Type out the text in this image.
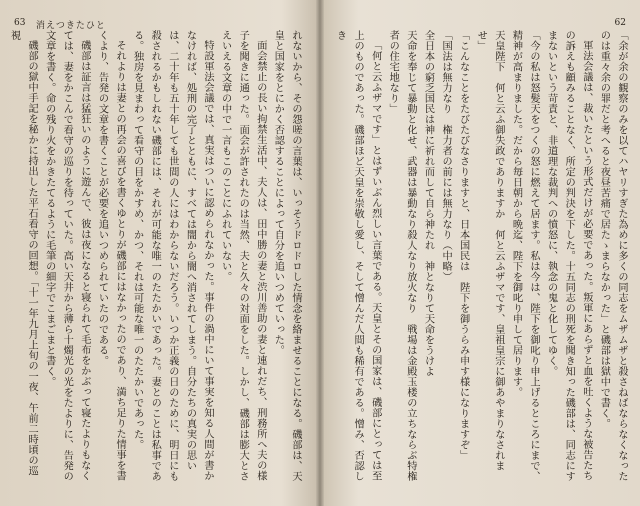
63 消えつきたひと

れないから、その怨嗟の言葉は、いっそうドロドロした情念を絡ませることになる。磯部は、天皇と国家をとにかく否認することによって自分を追いつめていった。

面会禁止の長い拘禁生活中、夫人は、田中勝の妻と渋川善助の妻と連れだち、刑務所へ夫の様子を聞きに通った。面会が許されたのは当然、夫と久々の対面をした。しかし、磯部は膨大とさえいえる文章の中で一言もこのことにふれていない。

特設軍法会議では、真実はついに認められなかった。事件の渦中にいて事実を知る人間が書かなければ、処刑の完了とともに、すべては闇から闇へ消されてしまう。自分たちの真実の思いは、二十年も五十年しても世間の人にはわからないだろう。いつか正義の日のために、明日にも殺されるかもしれない磯部には、それが可能な唯一のたたかいであった。妻とのことは私事である。独房を見まわって看守の目をかすめ、かつ、それは可能な唯一のたたかいであった。

それよりは妻との再会の喜びを書くゆとりが磯部にはなかったのであり、満ち足りた情事を書くより、告発の文章を書くことが必要を追いつめられていたのである。

磯部は証言は猛狂いのように遊んで、彼は夜になると寝られて毛布をかぶって寝たよりもなくては、妻をかこんで看守の巡りを待っていた。高い天井から薄ら十燭光の光をたよりに、告発の文章を書く。命の残り火をかきたてるように毛筆の細字でこまごまと書く。

磯部の獄中手記を秘かに持出した平石看守の回想。「十一年九月上旬の一夜、午前二時頃の巡視

62

「余が余の観察のみを以てハヤリすぎた為めに多くの同志をムザムザと殺さねばならなくなったのは重々余の罪だと考へると夜昼苦痛で居たゝまらなかった」と磯部は獄中で書く。

軍法会議は、裁いたという形式だけが必要であった。叛軍にあらずと血を吐くような被告たちの訴えも顧みることなく、所定の判決を下した。十五同志の刑死を聞き知った磯部は、同志にすまないという苛責と、非道理な裁判への憤怒に、執念の鬼と化してゆく。

「今の私は怒髪天をつくの怒に燃えて居ます。私は今は、陛下を御叱り申上げるところにまで、精神が高まりました。だから毎日朝から晩迄、陛下を御叱り申して居ります。

天皇陛下　何と云ふ御失政でありますか　何と云ふザマです、皇祖皇宗に御あやまりなされませ」

「こんなことをたびたびなさりますと、日本国民は　陛下を御うらみ申す様になりますぞ」

「国法は無力なり　権力者の前には無力なり（中略）

全日本の窮乏国民は神に祈れ而して自ら神たれ　神となりて天命をうけよ

天命を奉じて暴動と化せ、武器は暴動なり殺人なり放火なり　戦場は金殿玉楼の立ちならぶ特権者の住宅地なり」

「何と云ふザマです」とはずいぶん烈しい言葉である。天皇とその国家は、磯部にとっては至上のものであった。磯部ほど天皇を崇敬し愛し、そして憎んだ人間も稀有である。憎み、否認しき
